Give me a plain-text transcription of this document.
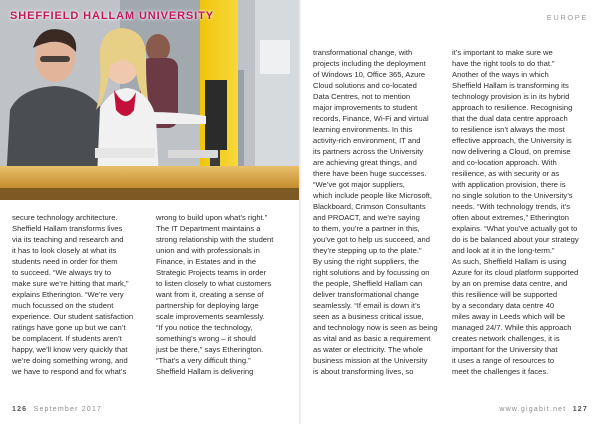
SHEFFIELD HALLAM UNIVERSITY	EUROPE
secure technology architecture.
Sheffield Hallam transforms lives
via its teaching and research and
it has to look closely at what its
students need in order for them
to succeed. “We always try to
make sure we’re hitting that mark,”
explains Etherington. “We’re very
much focussed on the student
experience. Our student satisfaction
ratings have gone up but we can’t
be complacent. If students aren’t
happy, we’ll know very quickly that
we’re doing something wrong, and
we have to respond and fix what’s
wrong to build upon what’s right.”
The IT Department maintains a
strong relationship with the student
union and with professionals in
Finance, in Estates and in the
Strategic Projects teams in order
to listen closely to what customers
want from it, creating a sense of
partnership for deploying large
scale improvements seamlessly.
“If you notice the technology,
something’s wrong – it should
just be there,” says Etherington.
“That’s a very difficult thing.”
Sheffield Hallam is delivering
transformational change, with
projects including the deployment
of Windows 10, Office 365, Azure
Cloud solutions and co-located
Data Centres, not to mention
major improvements to student
records, Finance, Wi-Fi and virtual
learning environments. In this
activity-rich environment, IT and
its partners across the University
are achieving great things, and
there have been huge successes.
“We’ve got major suppliers,
which include people like Microsoft,
Blackboard, Crimson Consultants
and PROACT, and we’re saying
to them, you’re a partner in this,
you’ve got to help us succeed, and
they’re stepping up to the plate.”
By using the right suppliers, the
right solutions and by focussing on
the people, Sheffield Hallam can
deliver transformational change
seamlessly. “If email is down it’s
seen as a business critical issue,
and technology now is seen as being
as vital and as basic a requirement
as water or electricity. The whole
business mission at the University
is about transforming lives, so
it’s important to make sure we
have the right tools to do that.”
Another of the ways in which
Sheffield Hallam is transforming its
technology provision is in its hybrid
approach to resilience. Recognising
that the dual data centre approach
to resilience isn’t always the most
effective approach, the University is
now delivering a Cloud, on premise
and co-location approach. With
resilience, as with security or as
with application provision, there is
no single solution to the University’s
needs. “With technology trends, it’s
often about extremes,” Etherington
explains. “What you’ve actually got to
do is be balanced about your strategy
and look at it in the long-term.”
As such, Sheffield Hallam is using
Azure for its cloud platform supported
by an on premise data centre, and
this resilience will be supported
by a secondary data centre 40
miles away in Leeds which will be
managed 24/7. While this approach
creates network challenges, it is
important for the University that
it uses a range of resources to
meet the challenges it faces.
126 September 2017	www.gigabit.net 127
